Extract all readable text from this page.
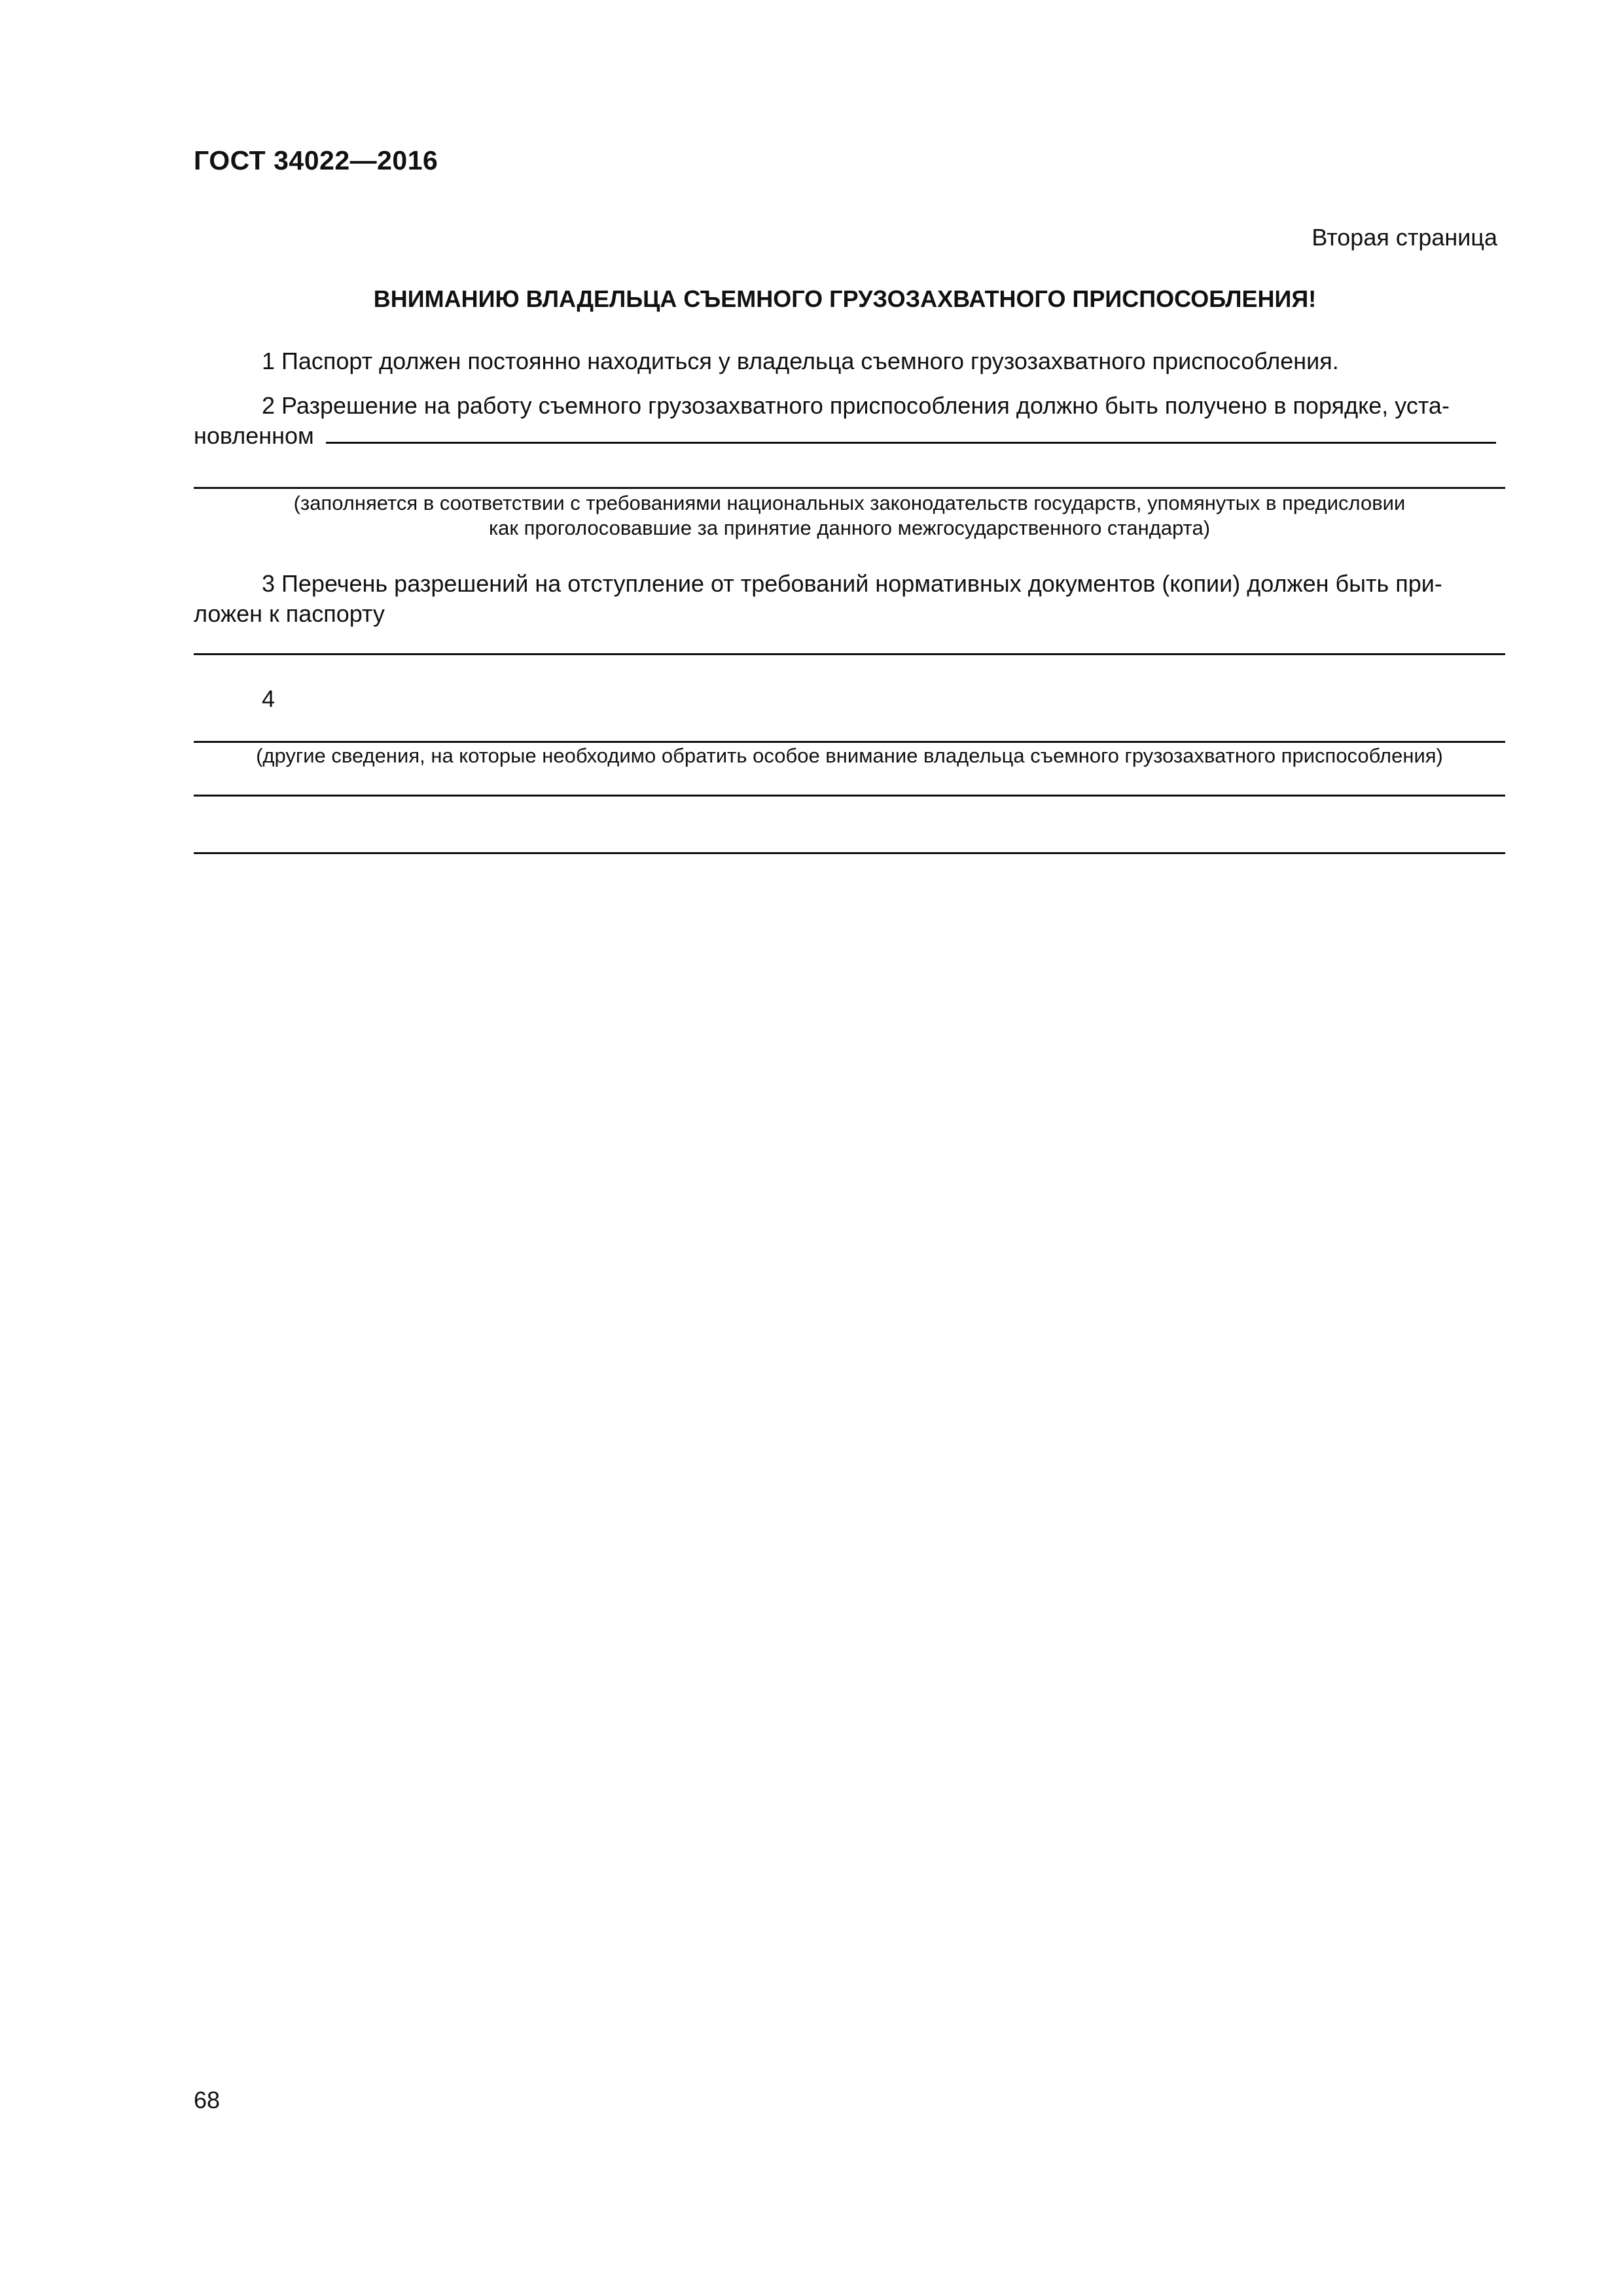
ГОСТ 34022—2016
Вторая страница
ВНИМАНИЮ ВЛАДЕЛЬЦА СЪЕМНОГО ГРУЗОЗАХВАТНОГО ПРИСПОСОБЛЕНИЯ!
1 Паспорт должен постоянно находиться у владельца съемного грузозахватного приспособления.
2 Разрешение на работу съемного грузозахватного приспособления должно быть получено в порядке, уста-
новленном
(заполняется в соответствии с требованиями национальных законодательств государств, упомянутых в предисловии
как проголосовавшие за принятие данного межгосударственного стандарта)
3 Перечень разрешений на отступление от требований нормативных документов (копии) должен быть при-
ложен к паспорту
4
(другие сведения, на которые необходимо обратить особое внимание владельца съемного грузозахватного приспособления)
68
